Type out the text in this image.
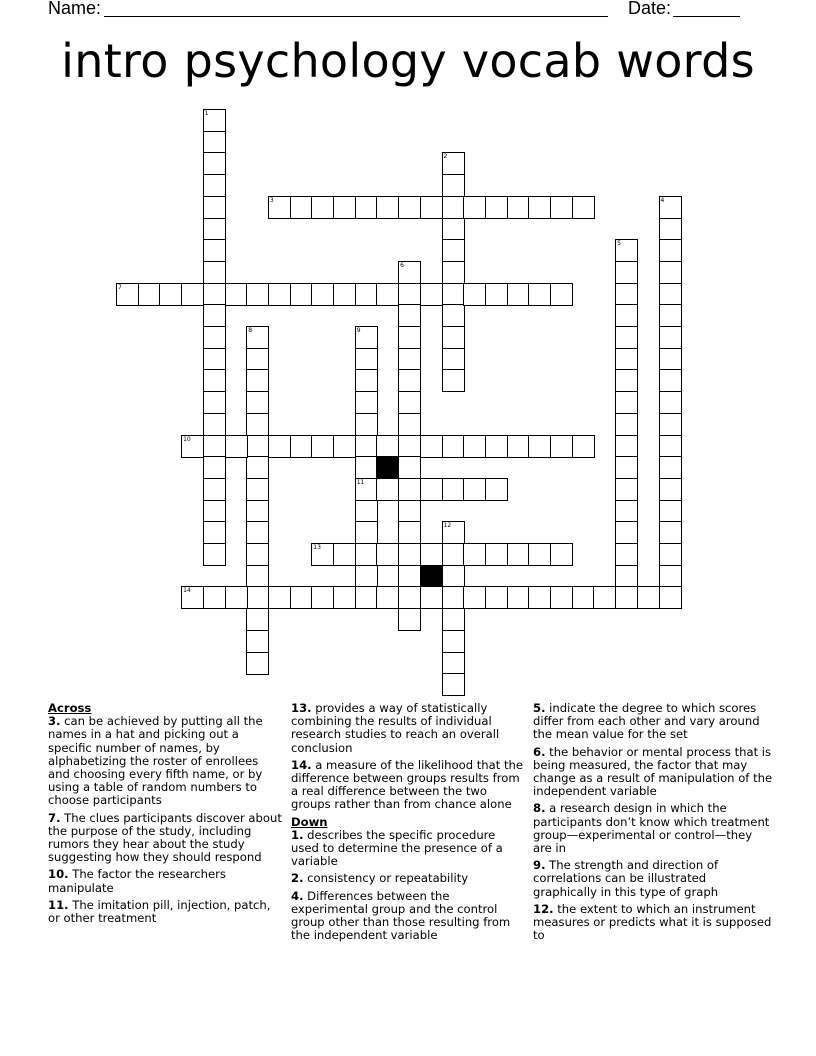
Name:	Date:
intro psychology vocab words
1
2
3	4
5
6
7
8	9
10
11
12
13
14
Across
3. can be achieved by putting all the names in a hat and picking out a specific number of names, by alphabetizing the roster of enrollees and choosing every fifth name, or by using a table of random numbers to choose participants
7. The clues participants discover about the purpose of the study, including rumors they hear about the study suggesting how they should respond
10. The factor the researchers manipulate
11. The imitation pill, injection, patch, or other treatment
13. provides a way of statistically combining the results of individual research studies to reach an overall conclusion
14. a measure of the likelihood that the difference between groups results from a real difference between the two groups rather than from chance alone
Down
1. describes the specific procedure used to determine the presence of a variable
2. consistency or repeatability
4. Differences between the experimental group and the control group other than those resulting from the independent variable
5. indicate the degree to which scores differ from each other and vary around the mean value for the set
6. the behavior or mental process that is being measured, the factor that may change as a result of manipulation of the independent variable
8. a research design in which the participants don’t know which treatment group—experimental or control—they are in
9. The strength and direction of correlations can be illustrated graphically in this type of graph
12. the extent to which an instrument measures or predicts what it is supposed to
